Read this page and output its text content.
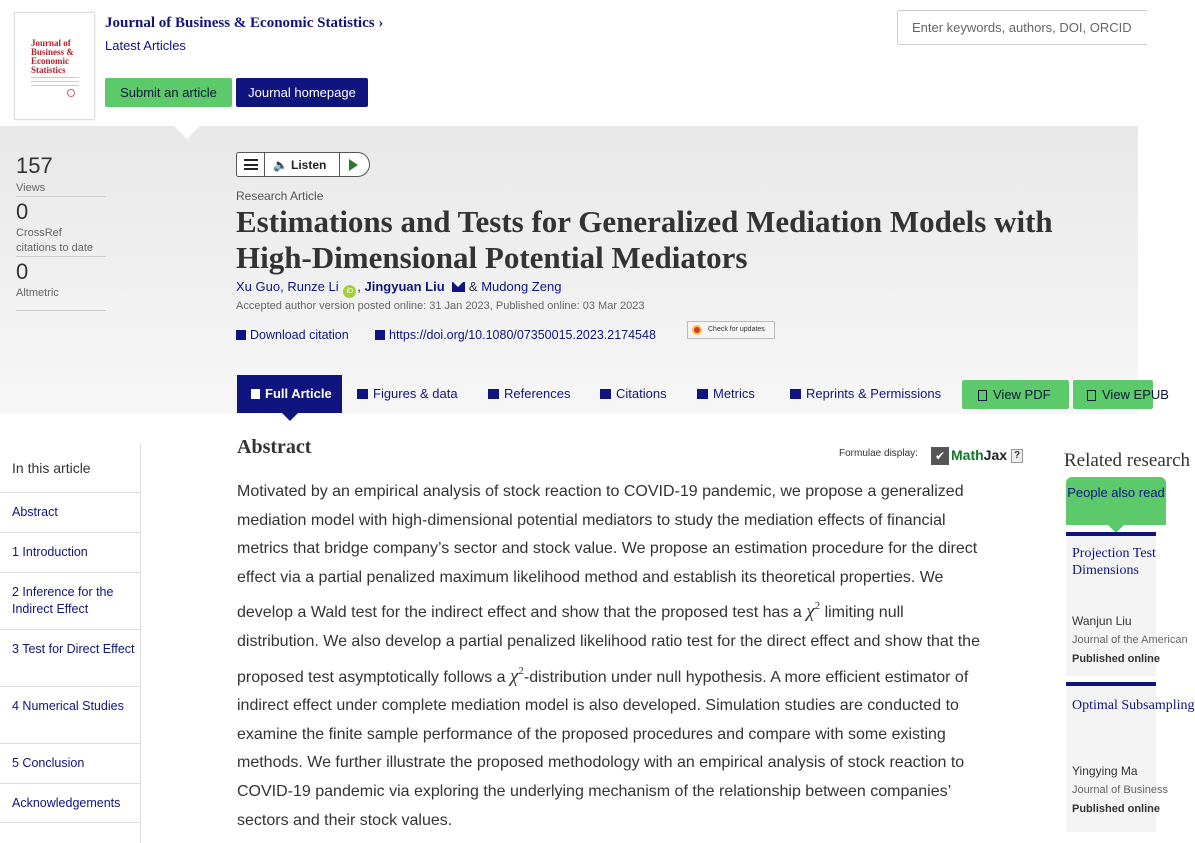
Journal of Business & Economic Statistics
Journal of Business & Economic Statistics ›
Latest Articles
Submit an article	Journal homepage
Enter keywords, authors, DOI, ORCID
157
Views
0
CrossRef
citations to date
0
Altmetric
🔈 Listen
Research Article
Estimations and Tests for Generalized Mediation Models with
High-Dimensional Potential Mediators
Xu Guo, Runze Li iD , Jingyuan Liu & Mudong Zeng
Accepted author version posted online: 31 Jan 2023, Published online: 03 Mar 2023
Download citation	https://doi.org/10.1080/07350015.2023.2174548	Check for updates
Full Article	Figures & data	References	Citations	Metrics	Reprints & Permissions	View PDF	View EPUB
In this article
Abstract
1 Introduction
2 Inference for the Indirect Effect
3 Test for Direct Effect
4 Numerical Studies
5 Conclusion
Acknowledgements
Abstract	Formulae display:	✔ MathJax ?
Motivated by an empirical analysis of stock reaction to COVID-19 pandemic, we propose a generalized
mediation model with high-dimensional potential mediators to study the mediation effects of financial
metrics that bridge company’s sector and stock value. We propose an estimation procedure for the direct
effect via a partial penalized maximum likelihood method and establish its theoretical properties. We
develop a Wald test for the indirect effect and show that the proposed test has a $\chi^2$ limiting null
distribution. We also develop a partial penalized likelihood ratio test for the direct effect and show that the
proposed test asymptotically follows a $\chi^2$-distribution under null hypothesis. A more efficient estimator of
indirect effect under complete mediation model is also developed. Simulation studies are conducted to
examine the finite sample performance of the proposed procedures and compare with some existing
methods. We further illustrate the proposed methodology with an empirical analysis of stock reaction to
COVID-19 pandemic via exploring the underlying mechanism of the relationship between companies’
sectors and their stock values.
Related research
People also read
Projection Test
Dimensions
Wanjun Liu
Journal of the American
Published online
Optimal Subsampling
Yingying Ma
Journal of Business
Published online
